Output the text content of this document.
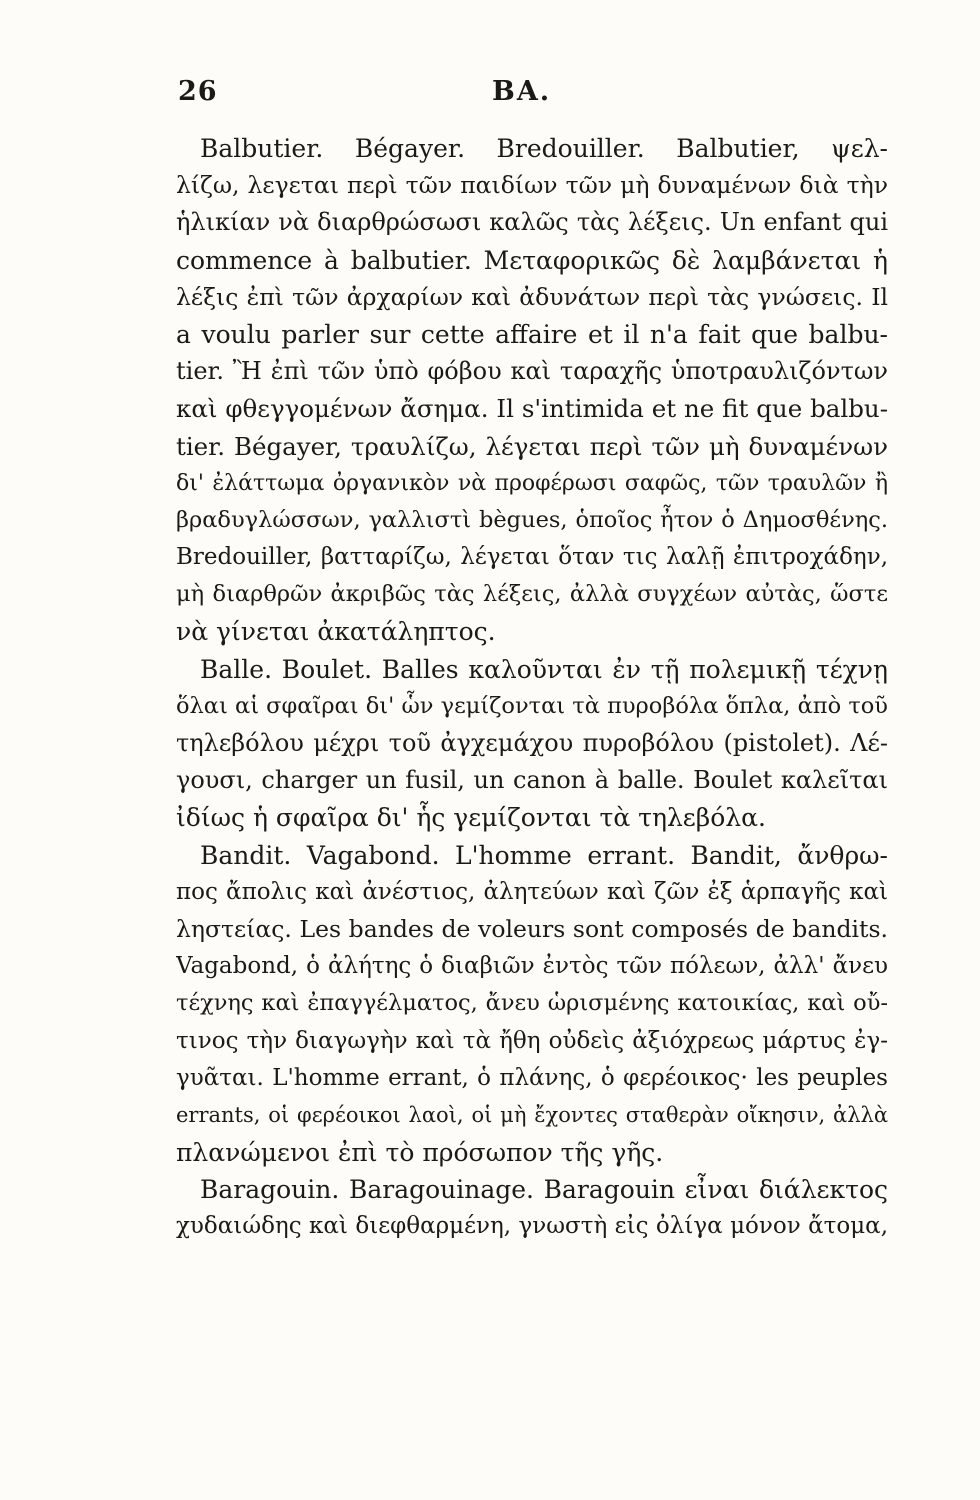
26	BA.
Balbutier. Bégayer. Bredouiller. Balbutier, ψελ-
λίζω, λεγεται περὶ τῶν παιδίων τῶν μὴ δυναμένων διὰ τὴν
ἡλικίαν νὰ διαρθρώσωσι καλῶς τὰς λέξεις. Un enfant qui
commence à balbutier. Μεταφορικῶς δὲ λαμβάνεται ἡ
λέξις ἐπὶ τῶν ἀρχαρίων καὶ ἀδυνάτων περὶ τὰς γνώσεις. Il
a voulu parler sur cette affaire et il n'a fait que balbu-
tier. Ἢ ἐπὶ τῶν ὑπὸ φόβου καὶ ταραχῆς ὑποτραυλιζόντων
καὶ φθεγγομένων ἄσημα. Il s'intimida et ne fit que balbu-
tier. Bégayer, τραυλίζω, λέγεται περὶ τῶν μὴ δυναμένων
δι' ἐλάττωμα ὀργανικὸν νὰ προφέρωσι σαφῶς, τῶν τραυλῶν ἢ
βραδυγλώσσων, γαλλιστὶ bègues, ὁποῖος ἦτον ὁ Δημοσθένης.
Bredouiller, βατταρίζω, λέγεται ὅταν τις λαλῇ ἐπιτροχάδην,
μὴ διαρθρῶν ἀκριβῶς τὰς λέξεις, ἀλλὰ συγχέων αὐτὰς, ὥστε
νὰ γίνεται ἀκατάληπτος.
Balle. Boulet. Balles καλοῦνται ἐν τῇ πολεμικῇ τέχνῃ
ὅλαι αἱ σφαῖραι δι' ὧν γεμίζονται τὰ πυροβόλα ὅπλα, ἀπὸ τοῦ
τηλεβόλου μέχρι τοῦ ἀγχεμάχου πυροβόλου (pistolet). Λέ-
γουσι, charger un fusil, un canon à balle. Boulet καλεῖται
ἰδίως ἡ σφαῖρα δι' ἧς γεμίζονται τὰ τηλεβόλα.
Bandit. Vagabond. L'homme errant. Bandit, ἄνθρω-
πος ἄπολις καὶ ἀνέστιος, ἀλητεύων καὶ ζῶν ἐξ ἁρπαγῆς καὶ
ληστείας. Les bandes de voleurs sont composés de bandits.
Vagabond, ὁ ἀλήτης ὁ διαβιῶν ἐντὸς τῶν πόλεων, ἀλλ' ἄνευ
τέχνης καὶ ἐπαγγέλματος, ἄνευ ὡρισμένης κατοικίας, καὶ οὔ-
τινος τὴν διαγωγὴν καὶ τὰ ἤθη οὐδεὶς ἀξιόχρεως μάρτυς ἐγ-
γυᾶται. L'homme errant, ὁ πλάνης, ὁ φερέοικος· les peuples
errants, οἱ φερέοικοι λαοὶ, οἱ μὴ ἔχοντες σταθερὰν οἴκησιν, ἀλλὰ
πλανώμενοι ἐπὶ τὸ πρόσωπον τῆς γῆς.
Baragouin. Baragouinage. Baragouin εἶναι διάλεκτος
χυδαιώδης καὶ διεφθαρμένη, γνωστὴ εἰς ὀλίγα μόνον ἄτομα,
